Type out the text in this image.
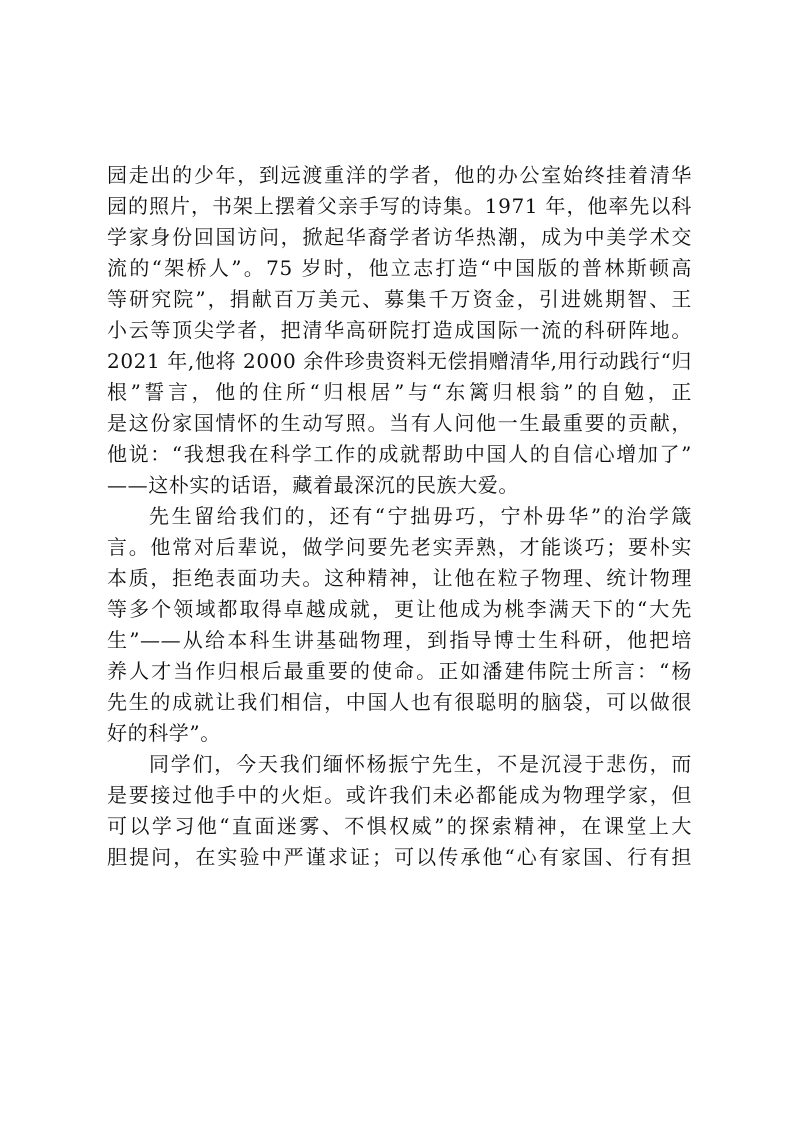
园走出的少年，到远渡重洋的学者，他的办公室始终挂着清华
园的照片，书架上摆着父亲手写的诗集。1971 年，他率先以科
学家身份回国访问，掀起华裔学者访华热潮，成为中美学术交
流的“架桥人”。75 岁时，他立志打造“中国版的普林斯顿高
等研究院”，捐献百万美元、募集千万资金，引进姚期智、王
小云等顶尖学者，把清华高研院打造成国际一流的科研阵地。
2021 年,他将 2000 余件珍贵资料无偿捐赠清华,用行动践行“归
根”誓言，他的住所“归根居”与“东篱归根翁”的自勉，正
是这份家国情怀的生动写照。当有人问他一生最重要的贡献，
他说：“我想我在科学工作的成就帮助中国人的自信心增加了”
——这朴实的话语，藏着最深沉的民族大爱。
先生留给我们的，还有“宁拙毋巧，宁朴毋华”的治学箴
言。他常对后辈说，做学问要先老实弄熟，才能谈巧；要朴实
本质，拒绝表面功夫。这种精神，让他在粒子物理、统计物理
等多个领域都取得卓越成就，更让他成为桃李满天下的“大先
生”——从给本科生讲基础物理，到指导博士生科研，他把培
养人才当作归根后最重要的使命。正如潘建伟院士所言：“杨
先生的成就让我们相信，中国人也有很聪明的脑袋，可以做很
好的科学”。
同学们，今天我们缅怀杨振宁先生，不是沉浸于悲伤，而
是要接过他手中的火炬。或许我们未必都能成为物理学家，但
可以学习他“直面迷雾、不惧权威”的探索精神，在课堂上大
胆提问，在实验中严谨求证；可以传承他“心有家国、行有担
